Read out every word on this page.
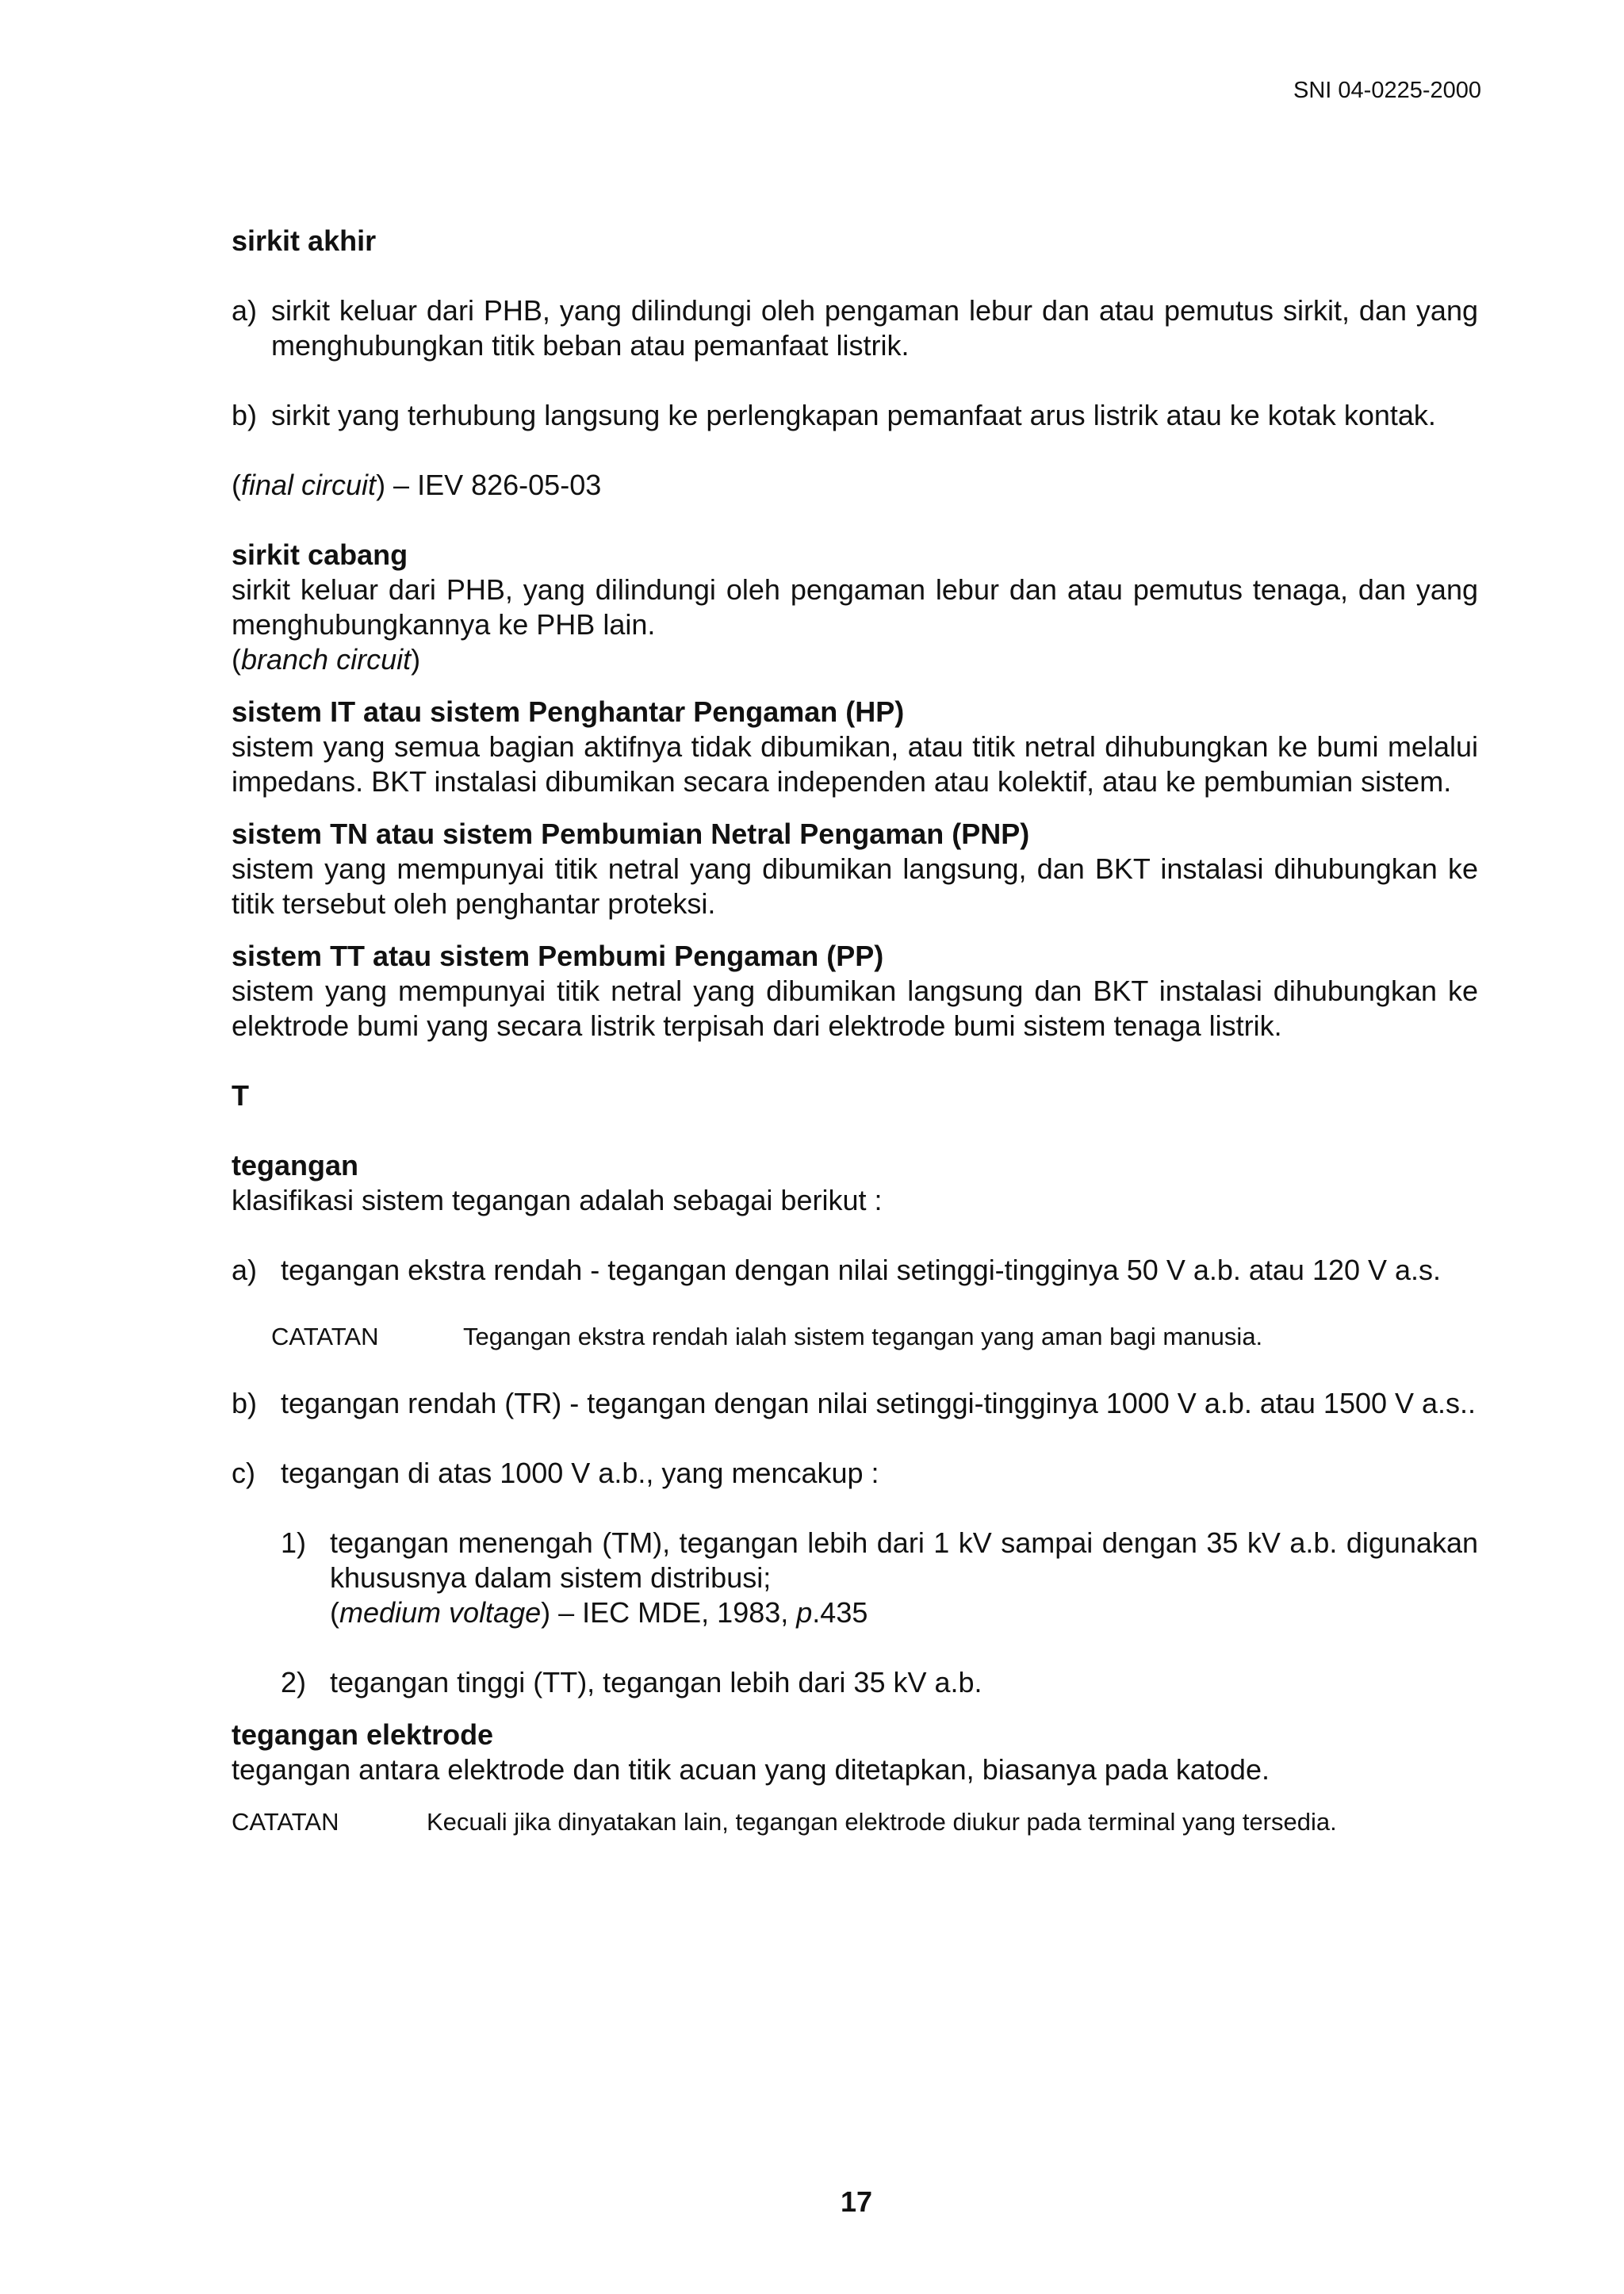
SNI 04-0225-2000
sirkit akhir
a) sirkit keluar dari PHB, yang dilindungi oleh pengaman lebur dan atau pemutus sirkit, dan yang menghubungkan titik beban atau pemanfaat listrik.
b) sirkit yang terhubung langsung ke perlengkapan pemanfaat arus listrik atau ke kotak kontak.
(final circuit) – IEV 826-05-03
sirkit cabang
sirkit keluar dari PHB, yang dilindungi oleh pengaman lebur dan atau pemutus tenaga, dan yang menghubungkannya ke PHB lain.
(branch circuit)
sistem IT atau sistem Penghantar Pengaman (HP)
sistem yang semua bagian aktifnya tidak dibumikan, atau titik netral dihubungkan ke bumi melalui impedans. BKT instalasi dibumikan secara independen atau kolektif, atau ke pembumian sistem.
sistem TN atau sistem Pembumian Netral Pengaman (PNP)
sistem yang mempunyai titik netral yang dibumikan langsung, dan BKT instalasi dihubungkan ke titik tersebut oleh penghantar proteksi.
sistem TT atau sistem Pembumi Pengaman (PP)
sistem yang mempunyai titik netral yang dibumikan langsung dan BKT instalasi dihubungkan ke elektrode bumi yang secara listrik terpisah dari elektrode bumi sistem tenaga listrik.
T
tegangan
klasifikasi sistem tegangan adalah sebagai berikut :
a) tegangan ekstra rendah - tegangan dengan nilai setinggi-tingginya 50 V a.b. atau 120 V a.s.
CATATAN	Tegangan ekstra rendah ialah sistem tegangan yang aman bagi manusia.
b) tegangan rendah (TR) - tegangan dengan nilai setinggi-tingginya 1000 V a.b. atau 1500 V a.s..
c) tegangan di atas 1000 V a.b., yang mencakup :
1) tegangan menengah (TM), tegangan lebih dari 1 kV sampai dengan 35 kV a.b. digunakan khususnya dalam sistem distribusi;
(medium voltage) – IEC MDE, 1983, p.435
2) tegangan tinggi (TT), tegangan lebih dari 35 kV a.b.
tegangan elektrode
tegangan antara elektrode dan titik acuan yang ditetapkan, biasanya pada katode.
CATATAN	Kecuali jika dinyatakan lain, tegangan elektrode diukur pada terminal yang tersedia.
17
